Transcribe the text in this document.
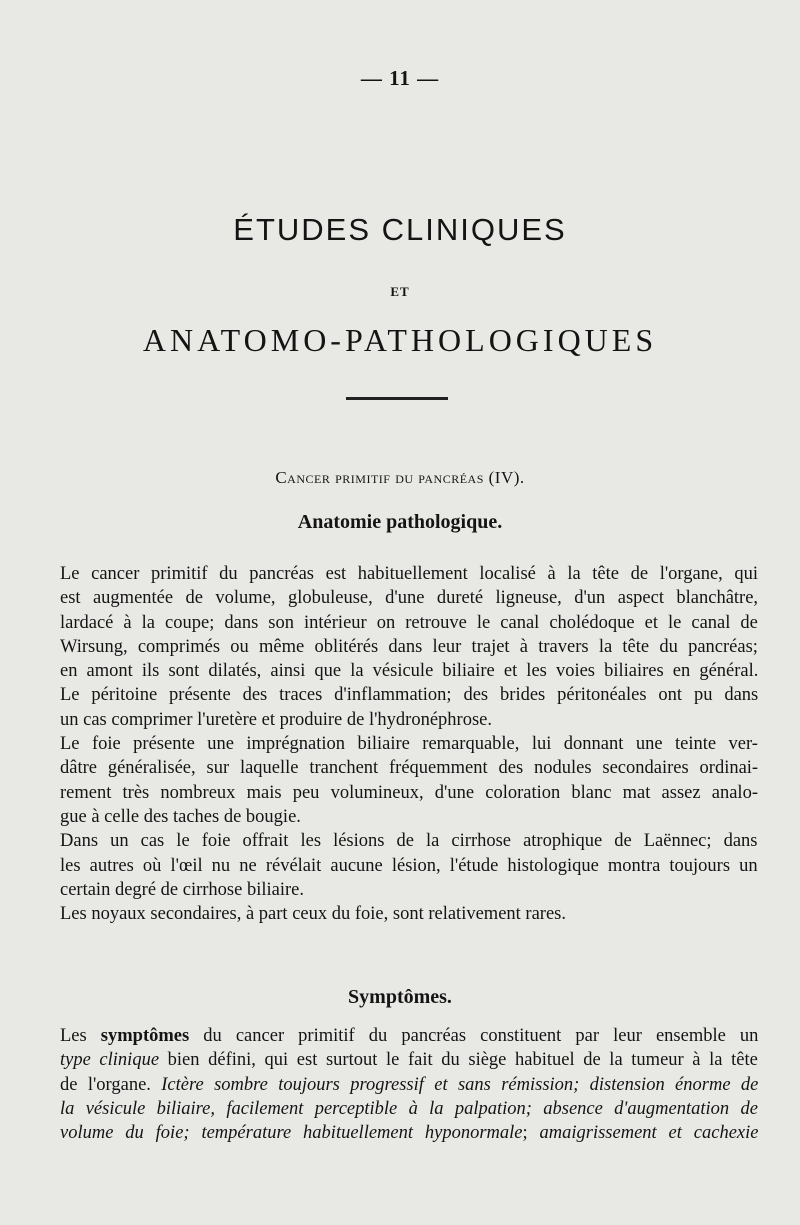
— 11 —
ÉTUDES CLINIQUES
ET
ANATOMO-PATHOLOGIQUES
Cancer primitif du pancréas (IV).
Anatomie pathologique.
Le cancer primitif du pancréas est habituellement localisé à la tête de l'organe, qui
est augmentée de volume, globuleuse, d'une dureté ligneuse, d'un aspect blanchâtre,
lardacé à la coupe; dans son intérieur on retrouve le canal cholédoque et le canal de
Wirsung, comprimés ou même oblitérés dans leur trajet à travers la tête du pancréas;
en amont ils sont dilatés, ainsi que la vésicule biliaire et les voies biliaires en général.
Le péritoine présente des traces d'inflammation; des brides péritonéales ont pu dans
un cas comprimer l'uretère et produire de l'hydronéphrose.
Le foie présente une imprégnation biliaire remarquable, lui donnant une teinte ver-
dâtre généralisée, sur laquelle tranchent fréquemment des nodules secondaires ordinai-
rement très nombreux mais peu volumineux, d'une coloration blanc mat assez analo-
gue à celle des taches de bougie.
Dans un cas le foie offrait les lésions de la cirrhose atrophique de Laënnec; dans
les autres où l'œil nu ne révélait aucune lésion, l'étude histologique montra toujours un
certain degré de cirrhose biliaire.
Les noyaux secondaires, à part ceux du foie, sont relativement rares.
Symptômes.
Les symptômes du cancer primitif du pancréas constituent par leur ensemble un
type clinique bien défini, qui est surtout le fait du siège habituel de la tumeur à la tête
de l'organe. Ictère sombre toujours progressif et sans rémission; distension énorme de
la vésicule biliaire, facilement perceptible à la palpation; absence d'augmentation de
volume du foie; température habituellement hyponormale; amaigrissement et cachexie
